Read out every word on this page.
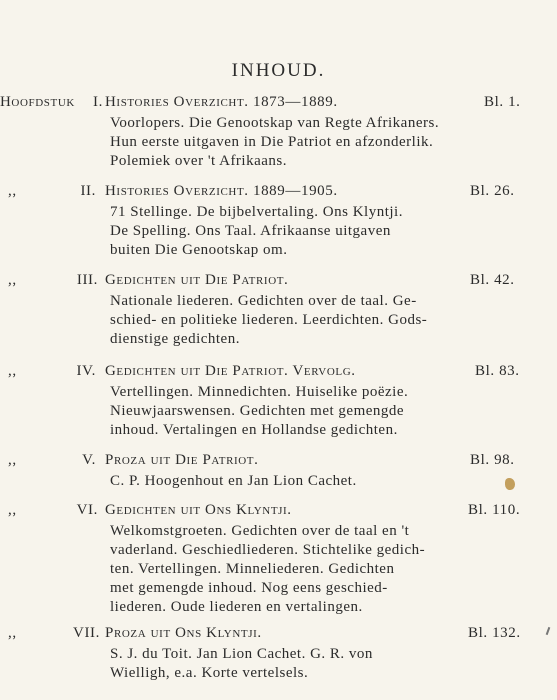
INHOUD.
Hoofdstuk	I. Histories Overzicht. 1873—1889.	Bl. 1.
Voorlopers. Die Genootskap van Regte Afrikaners.
Hun eerste uitgaven in Die Patriot en afzonderlik.
Polemiek over 't Afrikaans.
,,	II. Histories Overzicht. 1889—1905.	Bl. 26.
71 Stellinge. De bijbelvertaling. Ons Klyntji.
De Spelling. Ons Taal. Afrikaanse uitgaven
buiten Die Genootskap om.
,,	III. Gedichten uit Die Patriot.	Bl. 42.
Nationale liederen. Gedichten over de taal. Ge-
schied- en politieke liederen. Leerdichten. Gods-
dienstige gedichten.
,,	IV. Gedichten uit Die Patriot. Vervolg.	Bl. 83.
Vertellingen. Minnedichten. Huiselike poëzie.
Nieuwjaarswensen. Gedichten met gemengde
inhoud. Vertalingen en Hollandse gedichten.
,,	V. Proza uit Die Patriot.	Bl. 98.
C. P. Hoogenhout en Jan Lion Cachet.
,,	VI. Gedichten uit Ons Klyntji.	Bl. 110.
Welkomstgroeten. Gedichten over de taal en 't
vaderland. Geschiedliederen. Stichtelike gedich-
ten. Vertellingen. Minneliederen. Gedichten
met gemengde inhoud. Nog eens geschied-
liederen. Oude liederen en vertalingen.
,,	VII. Proza uit Ons Klyntji.	Bl. 132.
S. J. du Toit. Jan Lion Cachet. G. R. von
Wielligh, e.a. Korte vertelsels.
